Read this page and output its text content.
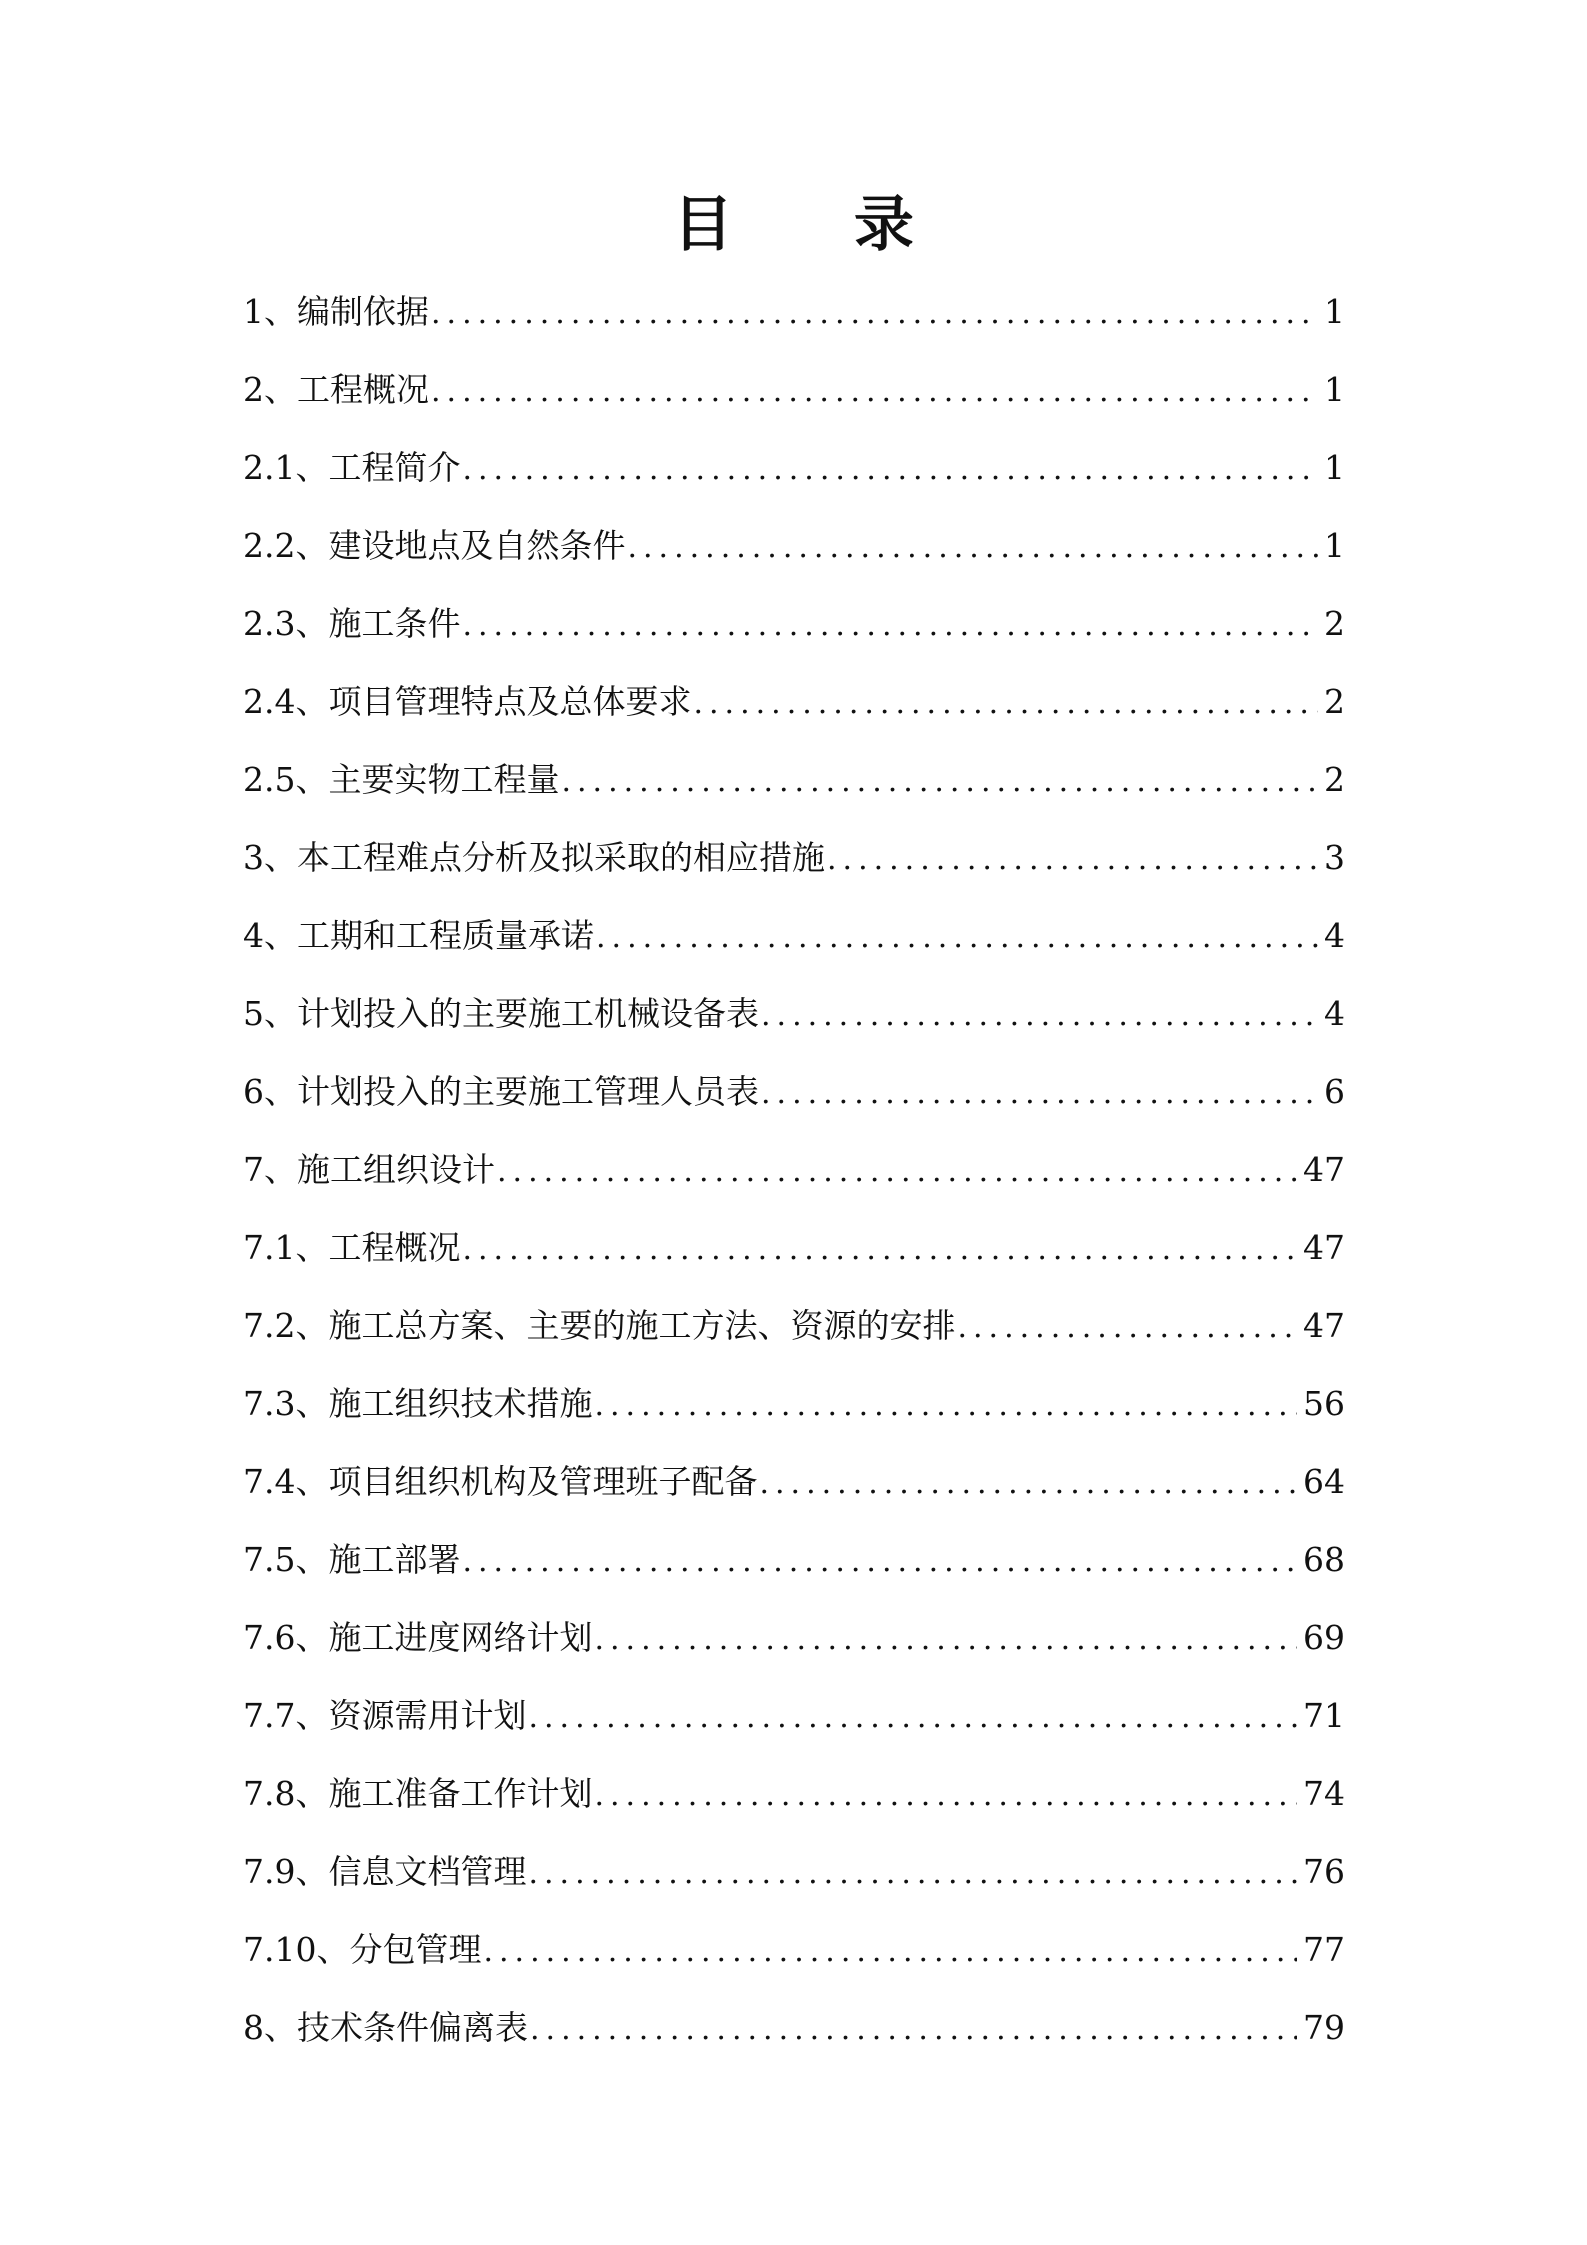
目 录
1、编制依据 .....	1
2、工程概况 .....	1
2.1、工程简介 .....	1
2.2、建设地点及自然条件 .....	1
2.3、施工条件 .....	2
2.4、项目管理特点及总体要求 .....	2
2.5、主要实物工程量 .....	2
3、本工程难点分析及拟采取的相应措施 .....	3
4、工期和工程质量承诺 .....	4
5、计划投入的主要施工机械设备表 .....	4
6、计划投入的主要施工管理人员表 .....	6
7、施工组织设计 .....	47
7.1、工程概况 .....	47
7.2、施工总方案、主要的施工方法、资源的安排 .....	47
7.3、施工组织技术措施 .....	56
7.4、项目组织机构及管理班子配备 .....	64
7.5、施工部署 .....	68
7.6、施工进度网络计划 .....	69
7.7、资源需用计划 .....	71
7.8、施工准备工作计划 .....	74
7.9、信息文档管理 .....	76
7.10、分包管理 .....	77
8、技术条件偏离表 .....	79
